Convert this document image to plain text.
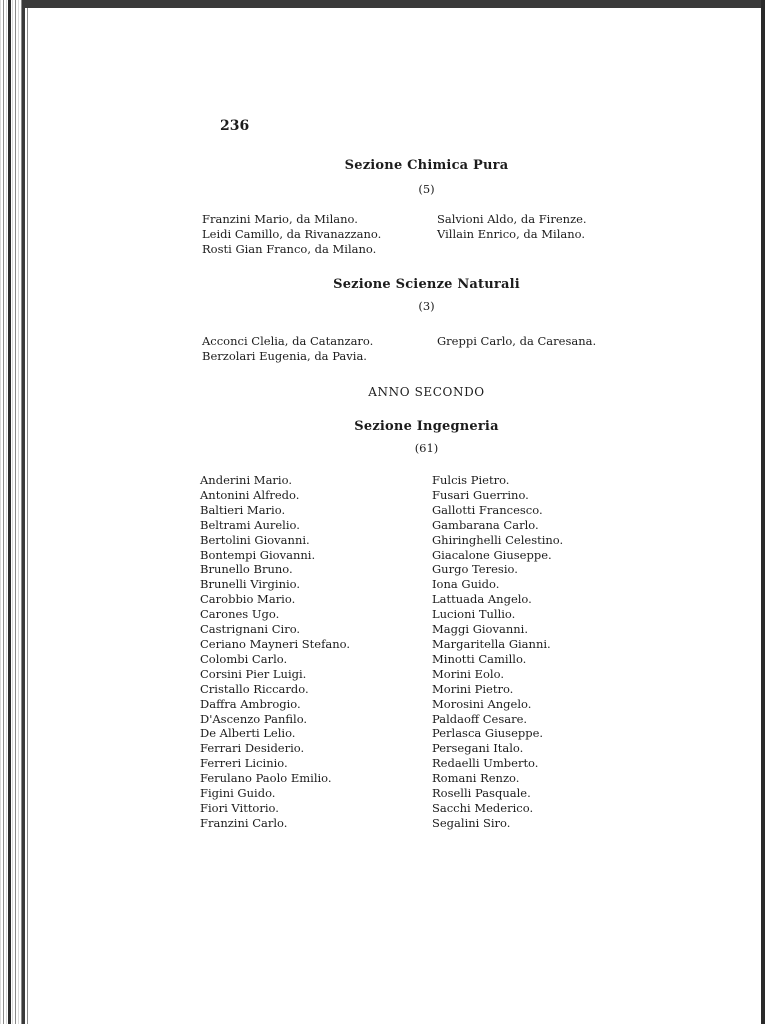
236
Sezione Chimica Pura
(5)
Franzini Mario, da Milano.
Leidi Camillo, da Rivanazzano.
Rosti Gian Franco, da Milano.
Salvioni Aldo, da Firenze.
Villain Enrico, da Milano.
Sezione Scienze Naturali
(3)
Acconci Clelia, da Catanzaro.
Berzolari Eugenia, da Pavia.
Greppi Carlo, da Caresana.
ANNO SECONDO
Sezione Ingegneria
(61)
Anderini Mario.
Antonini Alfredo.
Baltieri Mario.
Beltrami Aurelio.
Bertolini Giovanni.
Bontempi Giovanni.
Brunello Bruno.
Brunelli Virginio.
Carobbio Mario.
Carones Ugo.
Castrignani Ciro.
Ceriano Mayneri Stefano.
Colombi Carlo.
Corsini Pier Luigi.
Cristallo Riccardo.
Daffra Ambrogio.
D'Ascenzo Panfilo.
De Alberti Lelio.
Ferrari Desiderio.
Ferreri Licinio.
Ferulano Paolo Emilio.
Figini Guido.
Fiori Vittorio.
Franzini Carlo.
Fulcis Pietro.
Fusari Guerrino.
Gallotti Francesco.
Gambarana Carlo.
Ghiringhelli Celestino.
Giacalone Giuseppe.
Gurgo Teresio.
Iona Guido.
Lattuada Angelo.
Lucioni Tullio.
Maggi Giovanni.
Margaritella Gianni.
Minotti Camillo.
Morini Eolo.
Morini Pietro.
Morosini Angelo.
Paldaoff Cesare.
Perlasca Giuseppe.
Persegani Italo.
Redaelli Umberto.
Romani Renzo.
Roselli Pasquale.
Sacchi Mederico.
Segalini Siro.
